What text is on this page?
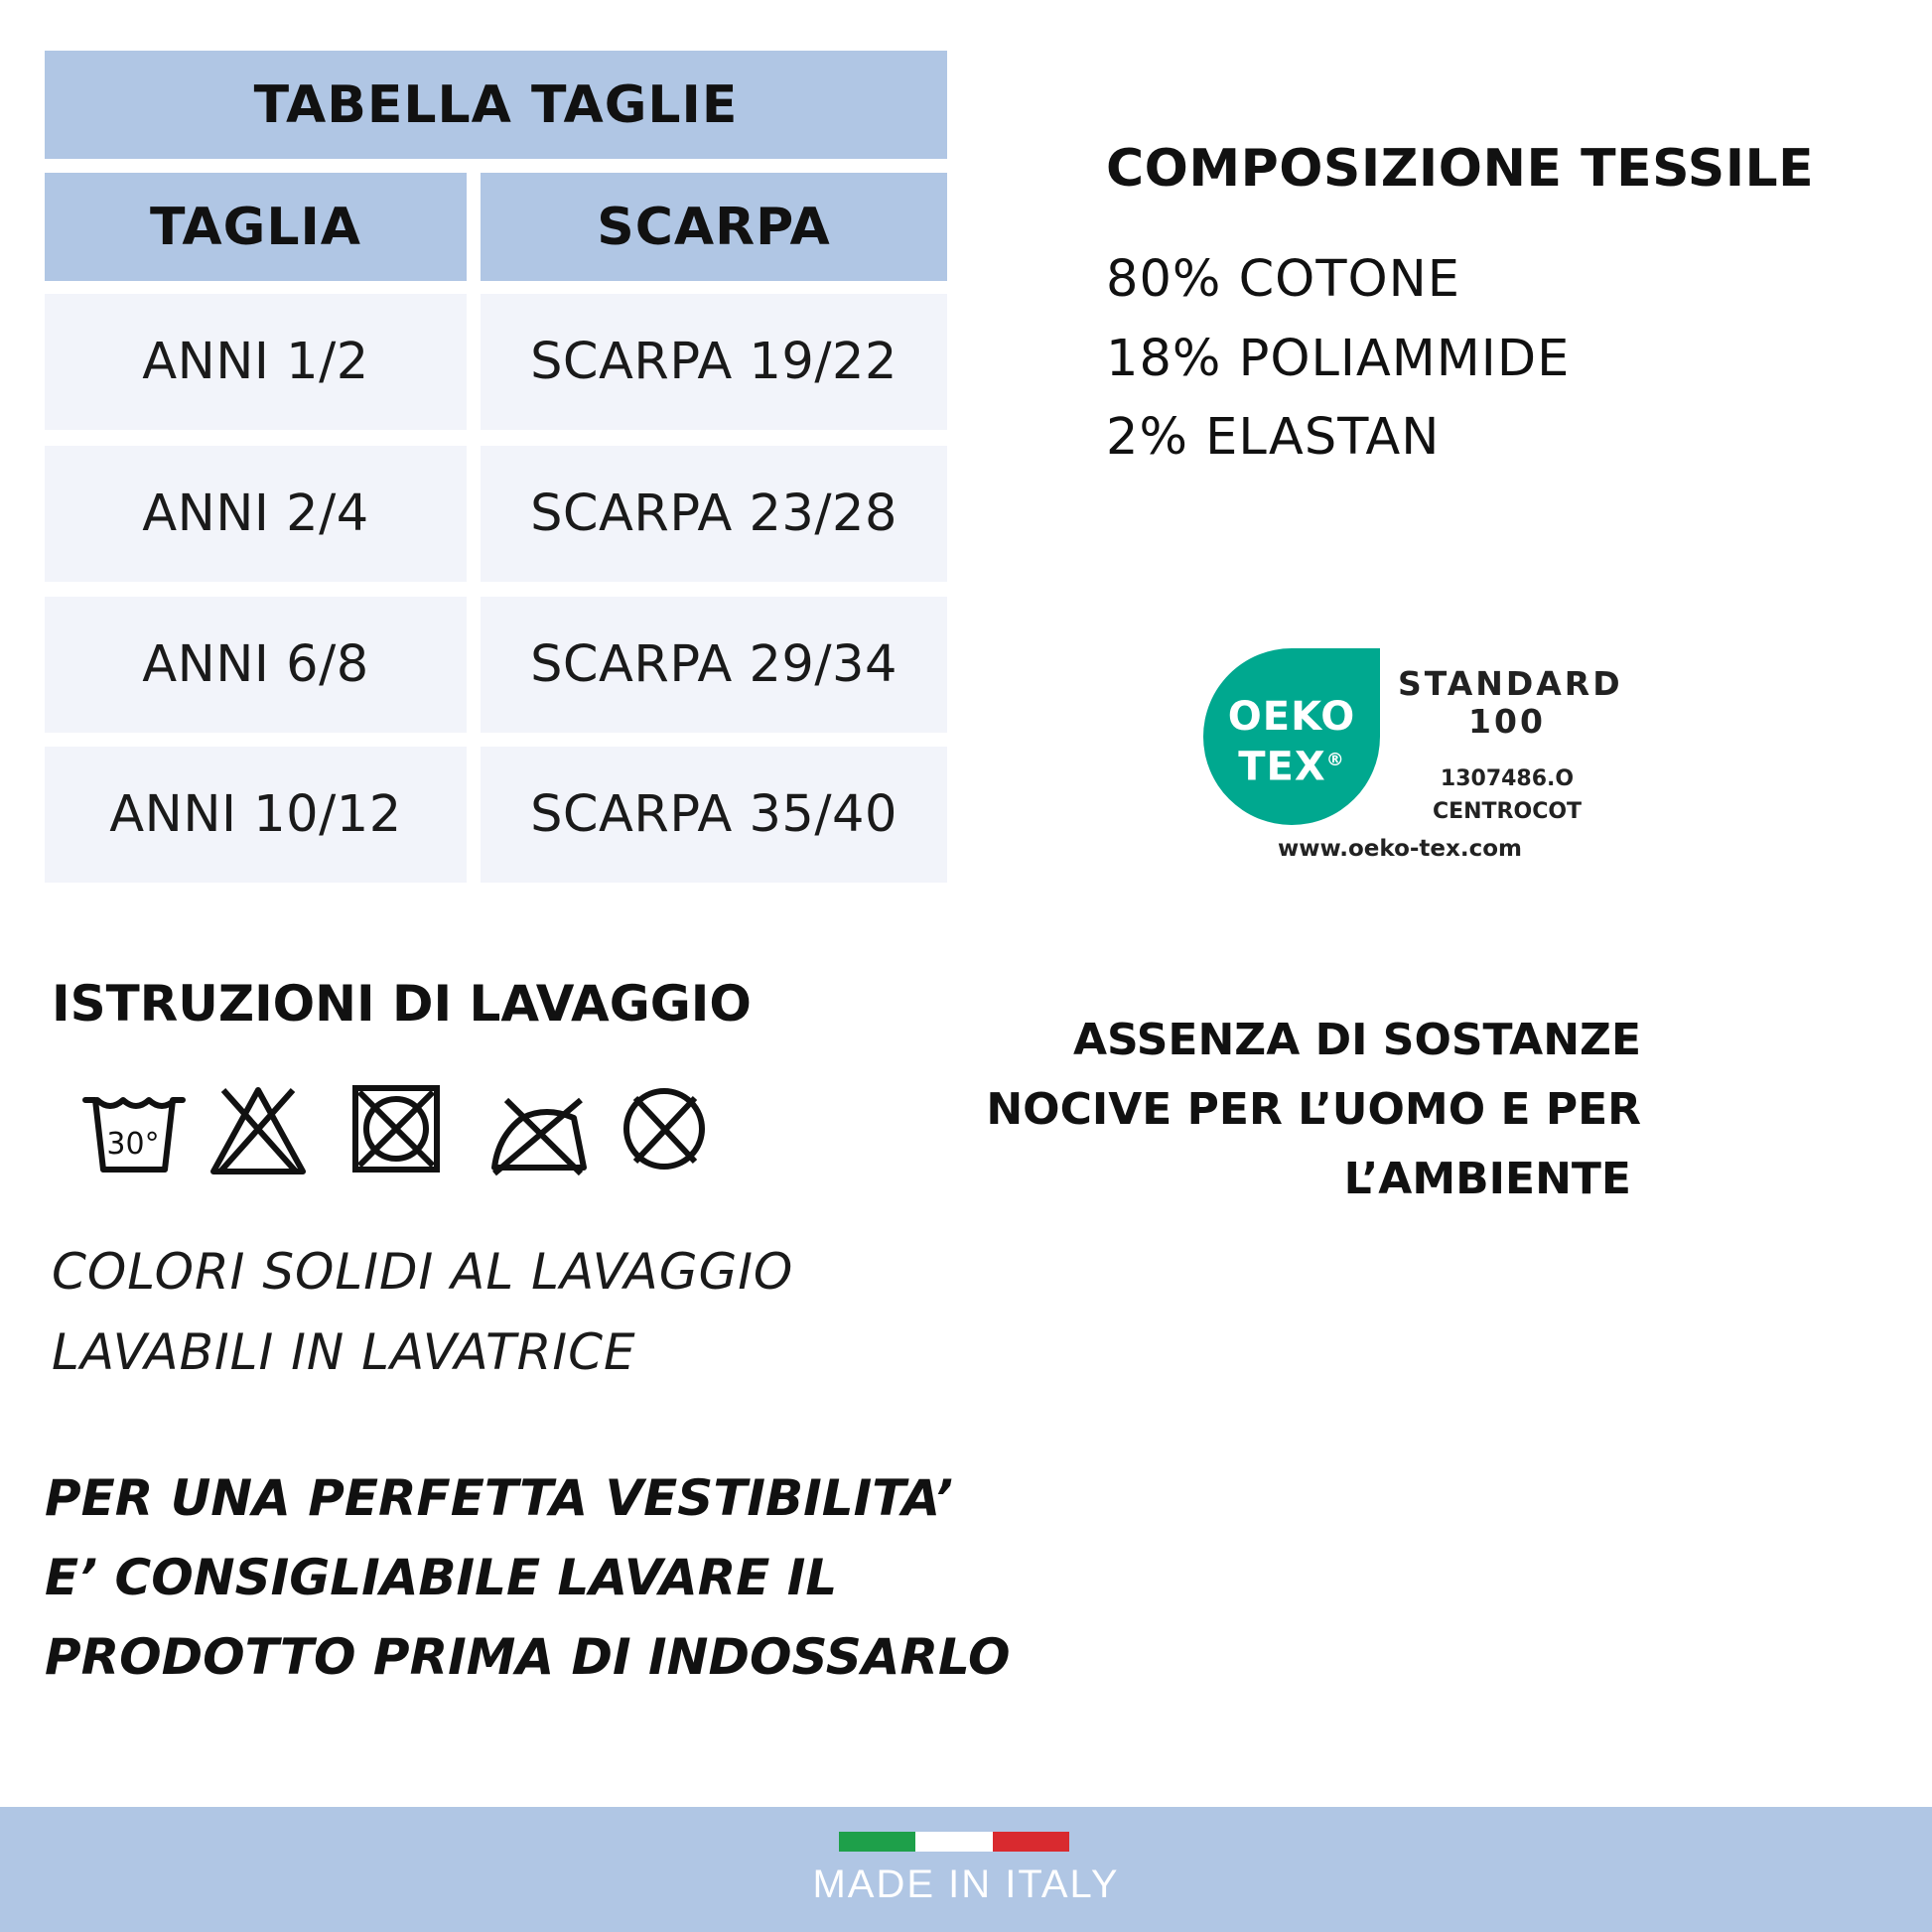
TABELLA TAGLIE
TAGLIA	SCARPA
ANNI 1/2	SCARPA 19/22
ANNI 2/4	SCARPA 23/28
ANNI 6/8	SCARPA 29/34
ANNI 10/12	SCARPA 35/40
COMPOSIZIONE TESSILE
80% COTONE
18% POLIAMMIDE
2% ELASTAN
OEKO
TEX®
STANDARD
100
1307486.O
CENTROCOT
www.oeko-tex.com
ASSENZA DI SOSTANZE
NOCIVE PER L’UOMO E PER
L’AMBIENTE
ISTRUZIONI DI LAVAGGIO
30°
COLORI SOLIDI AL LAVAGGIO
LAVABILI IN LAVATRICE
PER UNA PERFETTA VESTIBILITA’
E’ CONSIGLIABILE LAVARE IL
PRODOTTO PRIMA DI INDOSSARLO
MADE IN ITALY
